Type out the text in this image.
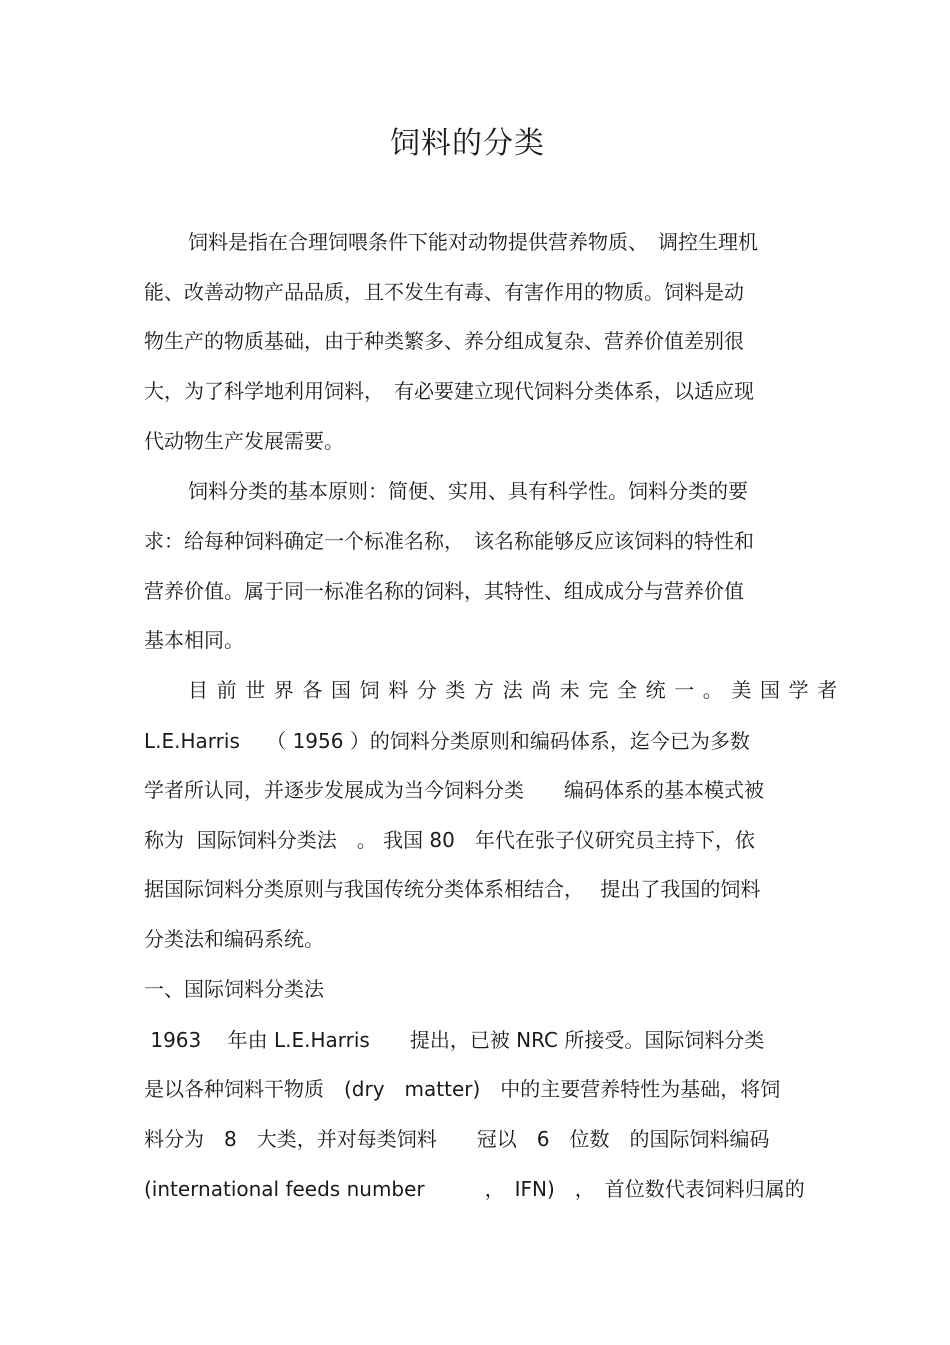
饲料的分类

饲料是指在合理饲喂条件下能对动物提供营养物质、　调控生理机

能、改善动物产品品质，且不发生有毒、有害作用的物质。饲料是动

物生产的物质基础，由于种类繁多、养分组成复杂、营养价值差别很

大，为了科学地利用饲料，　有必要建立现代饲料分类体系，以适应现

代动物生产发展需要。

饲料分类的基本原则：简便、实用、具有科学性。饲料分类的要

求：给每种饲料确定一个标准名称，　该名称能够反应该饲料的特性和

营养价值。属于同一标准名称的饲料，其特性、组成成分与营养价值

基本相同。

目前世界各国饲料分类方法尚未完全统一。美国学者

L.E.Harris　 （ 1956 ）的饲料分类原则和编码体系，迄今已为多数

学者所认同，并逐步发展成为当今饲料分类　　编码体系的基本模式被

称为  国际饲料分类法　。 我国 80　年代在张子仪研究员主持下，依

据国际饲料分类原则与我国传统分类体系相结合，　 提出了我国的饲料

分类法和编码系统。

一、国际饲料分类法

1963　 年由 L.E.Harris　　提出，已被 NRC 所接受。国际饲料分类

是以各种饲料干物质　(dry　matter)　中的主要营养特性为基础，将饲

料分为　8　大类，并对每类饲料　　冠以　6　位数　的国际饲料编码

(international feeds number　　　，　IFN)　，　首位数代表饲料归属的
